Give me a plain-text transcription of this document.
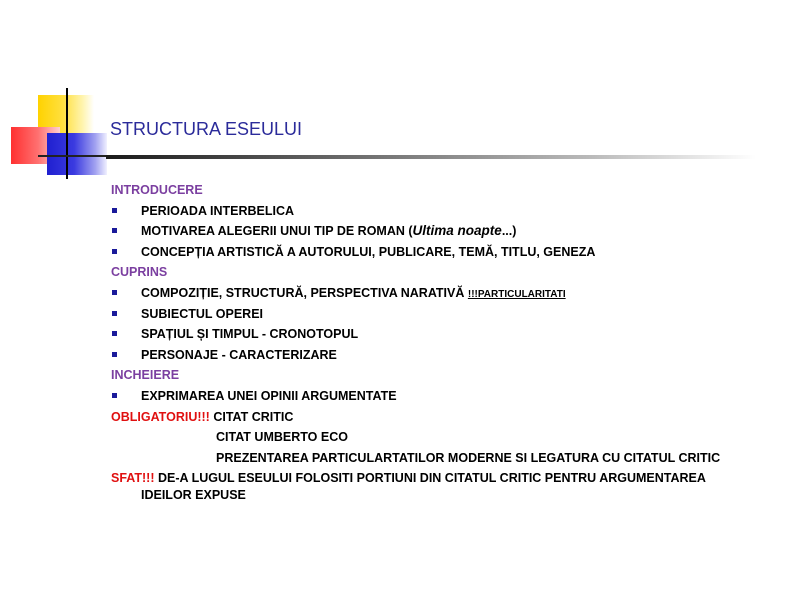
STRUCTURA ESEULUI
INTRODUCERE
PERIOADA INTERBELICA
MOTIVAREA ALEGERII UNUI TIP DE ROMAN (Ultima noapte...)
CONCEPȚIA ARTISTICĂ A AUTORULUI, PUBLICARE, TEMĂ, TITLU, GENEZA
CUPRINS
COMPOZIȚIE, STRUCTURĂ, PERSPECTIVA NARATIVĂ !!!PARTICULARITATI
SUBIECTUL OPEREI
SPAȚIUL ȘI TIMPUL - CRONOTOPUL
PERSONAJE - CARACTERIZARE
INCHEIERE
EXPRIMAREA UNEI OPINII ARGUMENTATE
OBLIGATORIU!!! CITAT CRITIC
CITAT UMBERTO ECO
PREZENTAREA PARTICULARTATILOR MODERNE SI LEGATURA CU CITATUL CRITIC
SFAT!!! DE-A LUGUL ESEULUI FOLOSITI PORTIUNI DIN CITATUL CRITIC PENTRU ARGUMENTAREA
IDEILOR EXPUSE
